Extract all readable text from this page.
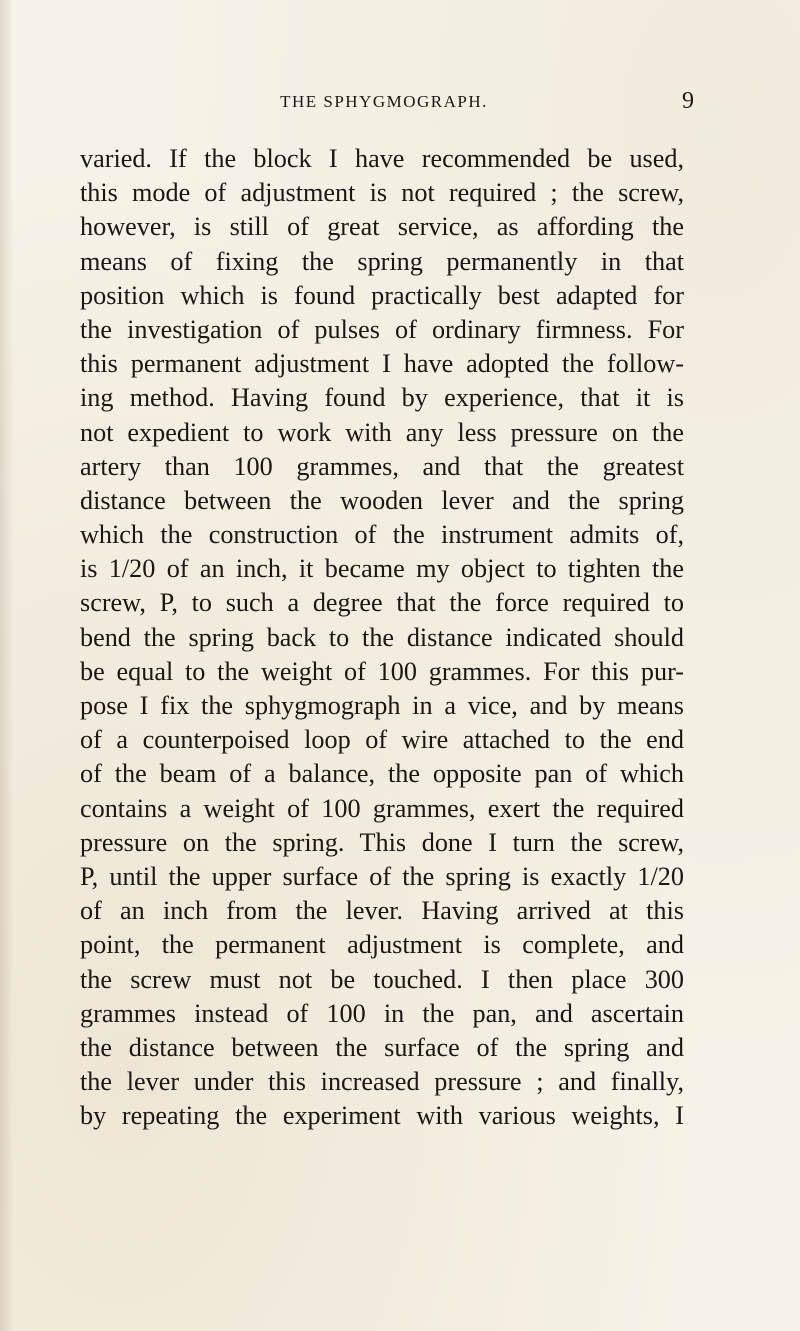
THE SPHYGMOGRAPH.	9
varied. If the block I have recommended be used,
this mode of adjustment is not required ; the screw,
however, is still of great service, as affording the
means of fixing the spring permanently in that
position which is found practically best adapted for
the investigation of pulses of ordinary firmness. For
this permanent adjustment I have adopted the follow-
ing method. Having found by experience, that it is
not expedient to work with any less pressure on the
artery than 100 grammes, and that the greatest
distance between the wooden lever and the spring
which the construction of the instrument admits of,
is 1/20 of an inch, it became my object to tighten the
screw, P, to such a degree that the force required to
bend the spring back to the distance indicated should
be equal to the weight of 100 grammes. For this pur-
pose I fix the sphygmograph in a vice, and by means
of a counterpoised loop of wire attached to the end
of the beam of a balance, the opposite pan of which
contains a weight of 100 grammes, exert the required
pressure on the spring. This done I turn the screw,
P, until the upper surface of the spring is exactly 1/20
of an inch from the lever. Having arrived at this
point, the permanent adjustment is complete, and
the screw must not be touched. I then place 300
grammes instead of 100 in the pan, and ascertain
the distance between the surface of the spring and
the lever under this increased pressure ; and finally,
by repeating the experiment with various weights, I
